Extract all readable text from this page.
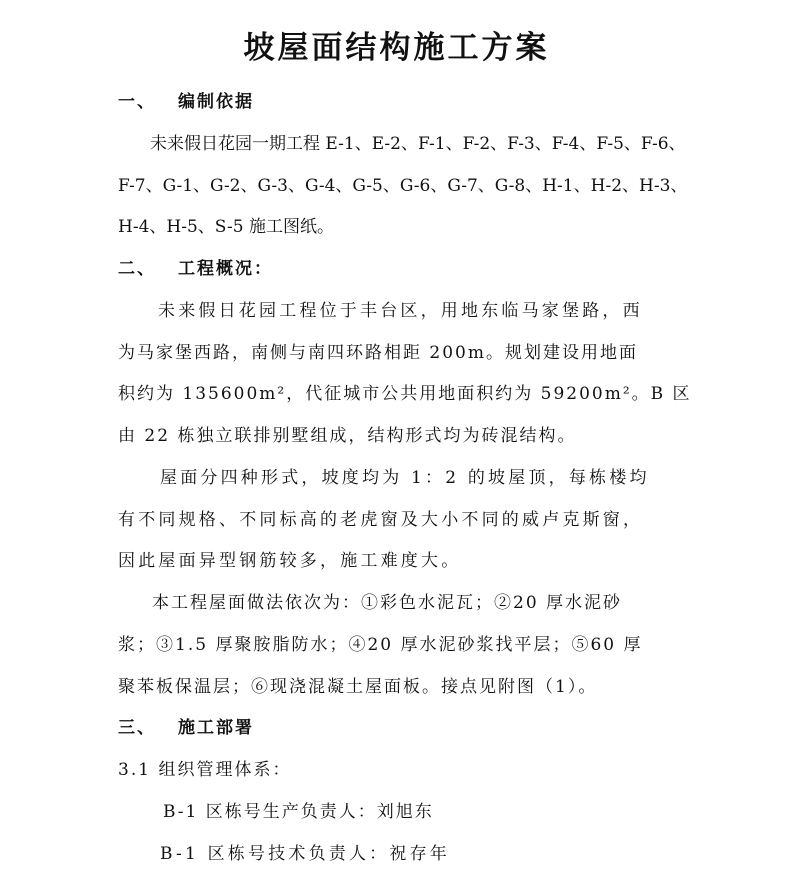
坡屋面结构施工方案
一、 编制依据
未来假日花园一期工程 E-1、E-2、F-1、F-2、F-3、F-4、F-5、F-6、
F-7、G-1、G-2、G-3、G-4、G-5、G-6、G-7、G-8、H-1、H-2、H-3、
H-4、H-5、S-5 施工图纸。
二、 工程概况：
未来假日花园工程位于丰台区，用地东临马家堡路，西
为马家堡西路，南侧与南四环路相距 200m。规划建设用地面
积约为 135600m²，代征城市公共用地面积约为 59200m²。B 区
由 22 栋独立联排别墅组成，结构形式均为砖混结构。
屋面分四种形式，坡度均为 1：2 的坡屋顶，每栋楼均
有不同规格、不同标高的老虎窗及大小不同的威卢克斯窗，
因此屋面异型钢筋较多，施工难度大。
本工程屋面做法依次为：①彩色水泥瓦；②20 厚水泥砂
浆；③1.5 厚聚胺脂防水；④20 厚水泥砂浆找平层；⑤60 厚
聚苯板保温层；⑥现浇混凝土屋面板。接点见附图（1）。
三、 施工部署
3.1 组织管理体系：
B-1 区栋号生产负责人：刘旭东
B-1 区栋号技术负责人：祝存年
